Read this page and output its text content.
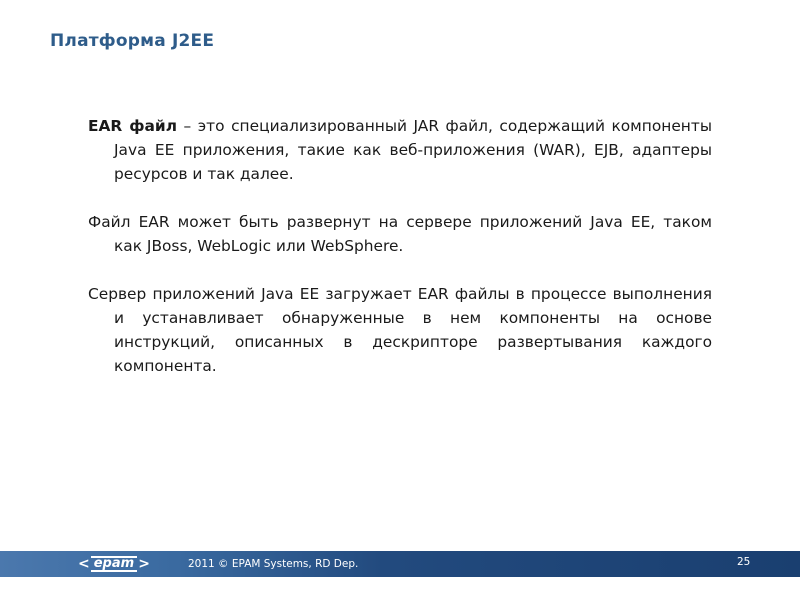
Платформа J2EE

EAR файл – это специализированный JAR файл, содержащий компоненты Java EE приложения, такие как веб-приложения (WAR), EJB, адаптеры ресурсов и так далее.

Файл EAR может быть развернут на сервере приложений Java EE, таком как JBoss, WebLogic или WebSphere.

Сервер приложений Java EE загружает EAR файлы в процессе выполнения и устанавливает обнаруженные в нем компоненты на основе инструкций, описанных в дескрипторе развертывания каждого компонента.

< epam >	2011 © EPAM Systems, RD Dep.	25
